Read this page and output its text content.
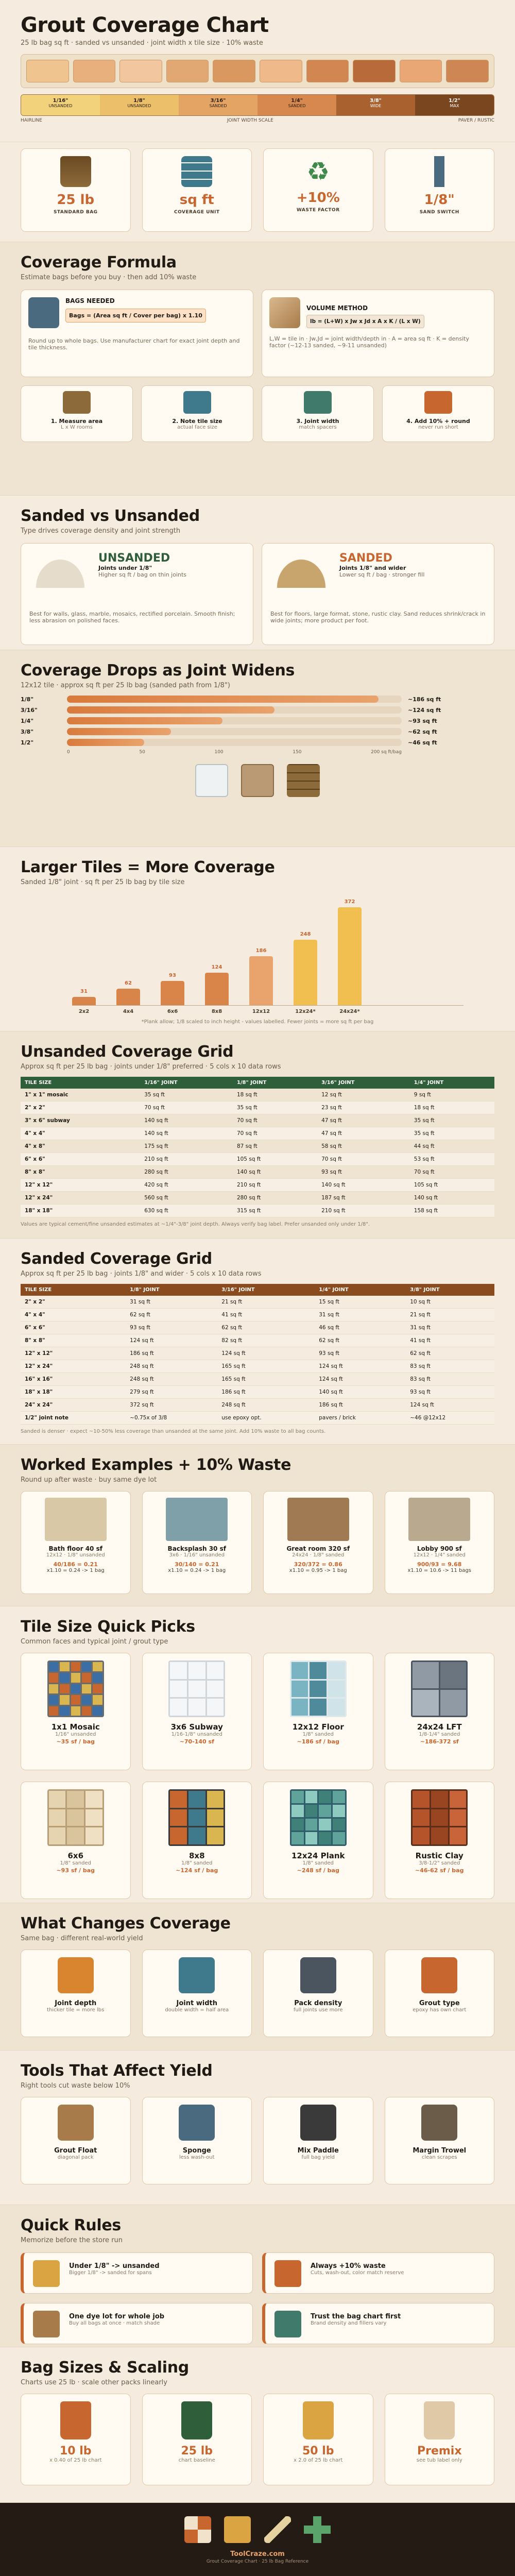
Grout Coverage Chart
25 lb bag sq ft · sanded vs unsanded · joint width x tile size · 10% waste
1/16"
UNSANDED
1/8"
UNSANDED
3/16"
SANDED
1/4"
SANDED
3/8"
WIDE
1/2"
MAX
HAIRLINE	JOINT WIDTH SCALE	PAVER / RUSTIC
25 lb
STANDARD BAG
sq ft
COVERAGE UNIT
♻
+10%
WASTE FACTOR
1/8"
SAND SWITCH
Coverage Formula
Estimate bags before you buy · then add 10% waste
BAGS NEEDED
Bags = (Area sq ft / Cover per bag) x 1.10
Round up to whole bags. Use manufacturer chart for exact joint depth and tile thickness.
VOLUME METHOD
lb = (L+W) x Jw x Jd x A x K / (L x W)
L,W = tile in · Jw,Jd = joint width/depth in · A = area sq ft · K = density factor (~12-13 sanded, ~9-11 unsanded)
1. Measure area
L x W rooms
2. Note tile size
actual face size
3. Joint width
match spacers
4. Add 10% + round
never run short
Sanded vs Unsanded
Type drives coverage density and joint strength
UNSANDED
Joints under 1/8"
Higher sq ft / bag on thin joints
Best for walls, glass, marble, mosaics, rectified porcelain. Smooth finish; less abrasion on polished faces.
SANDED
Joints 1/8" and wider
Lower sq ft / bag · stronger fill
Best for floors, large format, stone, rustic clay. Sand reduces shrink/crack in wide joints; more product per foot.
Coverage Drops as Joint Widens
12x12 tile · approx sq ft per 25 lb bag (sanded path from 1/8")
1/8"	~186 sq ft
3/16"	~124 sq ft
1/4"	~93 sq ft
3/8"	~62 sq ft
1/2"	~46 sq ft
0	50	100	150	200 sq ft/bag

Larger Tiles = More Coverage
Sanded 1/8" joint · sq ft per 25 lb bag by tile size
31
2x2
62
4x4
93
6x6
124
8x8
186
12x12
248
12x24*
372
24x24*
*Plank allow; 1/8 scaled to inch height - values labelled. Fewer joints = more sq ft per bag
Unsanded Coverage Grid
Approx sq ft per 25 lb bag · joints under 1/8" preferred · 5 cols x 10 data rows
TILE SIZE	1/16" JOINT	1/8" JOINT	3/16" JOINT	1/4" JOINT
1" x 1" mosaic	35 sq ft	18 sq ft	12 sq ft	9 sq ft
2" x 2"	70 sq ft	35 sq ft	23 sq ft	18 sq ft
3" x 6" subway	140 sq ft	70 sq ft	47 sq ft	35 sq ft
4" x 4"	140 sq ft	70 sq ft	47 sq ft	35 sq ft
4" x 8"	175 sq ft	87 sq ft	58 sq ft	44 sq ft
6" x 6"	210 sq ft	105 sq ft	70 sq ft	53 sq ft
8" x 8"	280 sq ft	140 sq ft	93 sq ft	70 sq ft
12" x 12"	420 sq ft	210 sq ft	140 sq ft	105 sq ft
12" x 24"	560 sq ft	280 sq ft	187 sq ft	140 sq ft
18" x 18"	630 sq ft	315 sq ft	210 sq ft	158 sq ft
Values are typical cement/fine unsanded estimates at ~1/4"-3/8" joint depth. Always verify bag label. Prefer unsanded only under 1/8".
Sanded Coverage Grid
Approx sq ft per 25 lb bag · joints 1/8" and wider · 5 cols x 10 data rows
TILE SIZE	1/8" JOINT	3/16" JOINT	1/4" JOINT	3/8" JOINT
2" x 2"	31 sq ft	21 sq ft	15 sq ft	10 sq ft
4" x 4"	62 sq ft	41 sq ft	31 sq ft	21 sq ft
6" x 6"	93 sq ft	62 sq ft	46 sq ft	31 sq ft
8" x 8"	124 sq ft	82 sq ft	62 sq ft	41 sq ft
12" x 12"	186 sq ft	124 sq ft	93 sq ft	62 sq ft
12" x 24"	248 sq ft	165 sq ft	124 sq ft	83 sq ft
16" x 16"	248 sq ft	165 sq ft	124 sq ft	83 sq ft
18" x 18"	279 sq ft	186 sq ft	140 sq ft	93 sq ft
24" x 24"	372 sq ft	248 sq ft	186 sq ft	124 sq ft
1/2" joint note	~0.75x of 3/8	use epoxy opt.	pavers / brick	~46 @12x12
Sanded is denser · expect ~10-50% less coverage than unsanded at the same joint. Add 10% waste to all bag counts.
Worked Examples + 10% Waste
Round up after waste · buy same dye lot
Bath floor 40 sf
12x12 · 1/8" unsanded
40/186 = 0.21
x1.10 = 0.24 -> 1 bag
Backsplash 30 sf
3x6 · 1/16" unsanded
30/140 = 0.21
x1.10 = 0.24 -> 1 bag
Great room 320 sf
24x24 · 1/8" sanded
320/372 = 0.86
x1.10 = 0.95 -> 1 bag
Lobby 900 sf
12x12 · 1/4" sanded
900/93 = 9.68
x1.10 = 10.6 -> 11 bags
Tile Size Quick Picks
Common faces and typical joint / grout type
1x1 Mosaic
1/16" unsanded
~35 sf / bag
3x6 Subway
1/16-1/8" unsanded
~70-140 sf
12x12 Floor
1/8" sanded
~186 sf / bag
24x24 LFT
1/8-1/4" sanded
~186-372 sf
6x6
1/8" sanded
~93 sf / bag
8x8
1/8" sanded
~124 sf / bag
12x24 Plank
1/8" sanded
~248 sf / bag
Rustic Clay
3/8-1/2" sanded
~46-62 sf / bag
What Changes Coverage
Same bag · different real-world yield
Joint depth
thicker tile = more lbs
Joint width
double width = half area
Pack density
full joints use more
Grout type
epoxy has own chart
Tools That Affect Yield
Right tools cut waste below 10%
Grout Float
diagonal pack
Sponge
less wash-out
Mix Paddle
full bag yield
Margin Trowel
clean scrapes
Quick Rules
Memorize before the store run
Under 1/8" -> unsanded
Bigger 1/8" -> sanded for spans
Always +10% waste
Cuts, wash-out, color match reserve
One dye lot for whole job
Buy all bags at once · match shade
Trust the bag chart first
Brand density and fillers vary
Bag Sizes & Scaling
Charts use 25 lb · scale other packs linearly
10 lb
x 0.40 of 25 lb chart
25 lb
chart baseline
50 lb
x 2.0 of 25 lb chart
Premix
see tub label only

ToolCraze.com
Grout Coverage Chart · 25 lb Bag Reference
